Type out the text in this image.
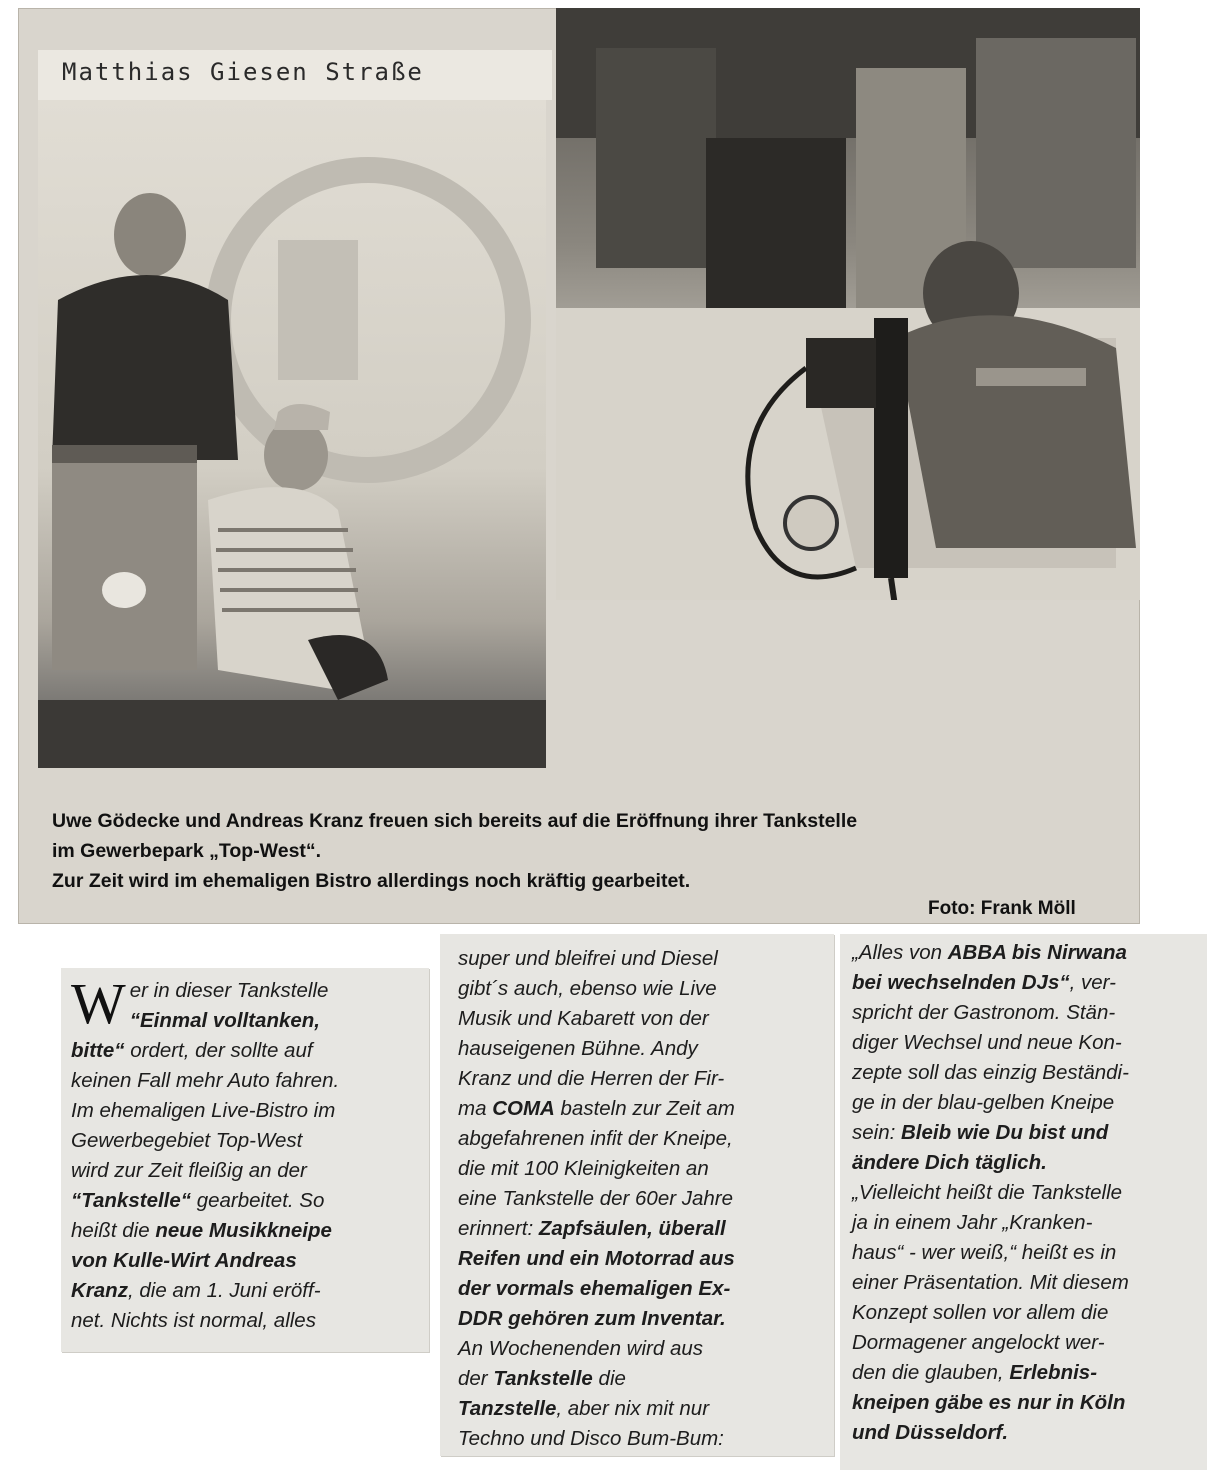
Matthias Giesen Straße

Uwe Gödecke und Andreas Kranz freuen sich bereits auf die Eröffnung ihrer Tankstelle
im Gewerbepark „Top-West“.
Zur Zeit wird im ehemaligen Bistro allerdings noch kräftig gearbeitet.
Foto: Frank Möll
W er in dieser Tankstelle
“Einmal volltanken,
bitte“ ordert, der sollte auf
keinen Fall mehr Auto fahren.
Im ehemaligen Live-Bistro im
Gewerbegebiet Top-West
wird zur Zeit fleißig an der
“Tankstelle“ gearbeitet. So
heißt die neue Musikkneipe
von Kulle-Wirt Andreas
Kranz, die am 1. Juni eröff-
net. Nichts ist normal, alles
super und bleifrei und Diesel
gibt´s auch, ebenso wie Live
Musik und Kabarett von der
hauseigenen Bühne. Andy
Kranz und die Herren der Fir-
ma COMA basteln zur Zeit am
abgefahrenen infit der Kneipe,
die mit 100 Kleinigkeiten an
eine Tankstelle der 60er Jahre
erinnert: Zapfsäulen, überall
Reifen und ein Motorrad aus
der vormals ehemaligen Ex-
DDR gehören zum Inventar.
An Wochenenden wird aus
der Tankstelle die
Tanzstelle, aber nix mit nur
Techno und Disco Bum-Bum:
„Alles von ABBA bis Nirwana
bei wechselnden DJs“, ver-
spricht der Gastronom. Stän-
diger Wechsel und neue Kon-
zepte soll das einzig Beständi-
ge in der blau-gelben Kneipe
sein: Bleib wie Du bist und
ändere Dich täglich.
„Vielleicht heißt die Tankstelle
ja in einem Jahr „Kranken-
haus“ - wer weiß,“ heißt es in
einer Präsentation. Mit diesem
Konzept sollen vor allem die
Dormagener angelockt wer-
den die glauben, Erlebnis-
kneipen gäbe es nur in Köln
und Düsseldorf.
